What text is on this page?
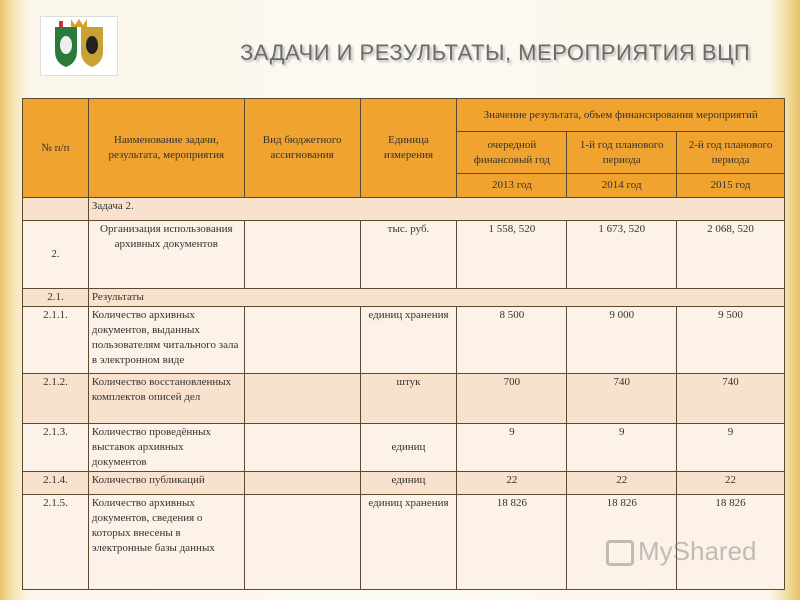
ЗАДАЧИ И РЕЗУЛЬТАТЫ, МЕРОПРИЯТИЯ ВЦП
№ п/п	Наименование задачи, результата, мероприятия	Вид бюджетного ассигнования	Единица измерения	Значение результата, объем финансирования мероприятий		
				очередной финансовый год	1-й год планового периода	2-й год планового периода
				2013 год	2014 год	2015 год
	Задача 2.					
2.	Организация использования архивных документов		тыс. руб.	1 558, 520	1 673, 520	2 068, 520
2.1.	Результаты					
2.1.1.	Количество архивных документов, выданных пользователям читального зала в электронном виде		единиц хранения	8 500	9 000	9 500
2.1.2.	Количество восстановленных комплектов описей дел		штук	700	740	740
2.1.3.	Количество проведённых выставок архивных документов		единиц	9	9	9
2.1.4.	Количество публикаций		единиц	22	22	22
2.1.5.	Количество архивных документов, сведения о которых внесены в электронные базы данных		единиц хранения	18 826	18 826	18 826
MyShared
